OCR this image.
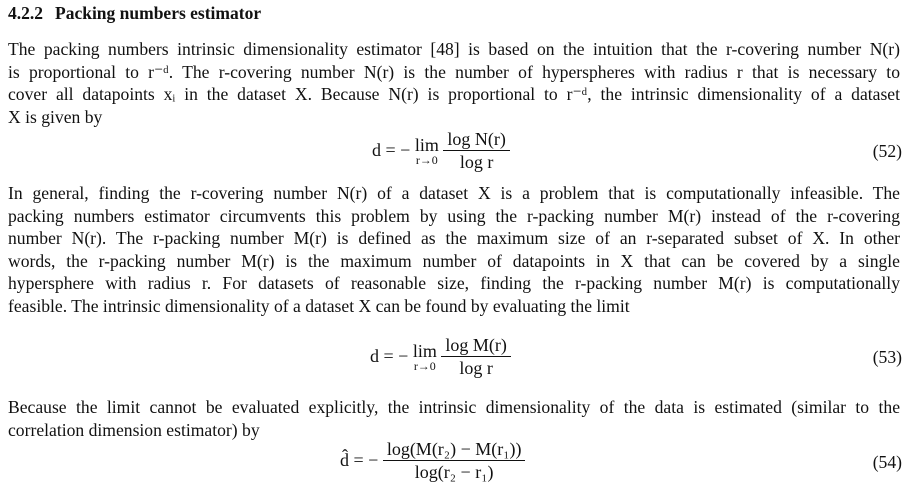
4.2.2 Packing numbers estimator

The packing numbers intrinsic dimensionality estimator [48] is based on the intuition that the r-covering number N(r)
is proportional to r⁻ᵈ. The r-covering number N(r) is the number of hyperspheres with radius r that is necessary to
cover all datapoints xᵢ in the dataset X. Because N(r) is proportional to r⁻ᵈ, the intrinsic dimensionality of a dataset
X is given by

d = −
lim
r→0
$\frac{\text{log N(r)}}{\text{log r}}$	(52)

In general, finding the r-covering number N(r) of a dataset X is a problem that is computationally infeasible. The
packing numbers estimator circumvents this problem by using the r-packing number M(r) instead of the r-covering
number N(r). The r-packing number M(r) is defined as the maximum size of an r-separated subset of X. In other
words, the r-packing number M(r) is the maximum number of datapoints in X that can be covered by a single
hypersphere with radius r. For datasets of reasonable size, finding the r-packing number M(r) is computationally
feasible. The intrinsic dimensionality of a dataset X can be found by evaluating the limit

d = −
lim
r→0
$\frac{\text{log M(r)}}{\text{log r}}$	(53)

Because the limit cannot be evaluated explicitly, the intrinsic dimensionality of the data is estimated (similar to the
correlation dimension estimator) by

d̂ = −
$\frac{\text{log(M(r₂) − M(r₁))}}{\text{log(r₂ − r₁)}}$	(54)
